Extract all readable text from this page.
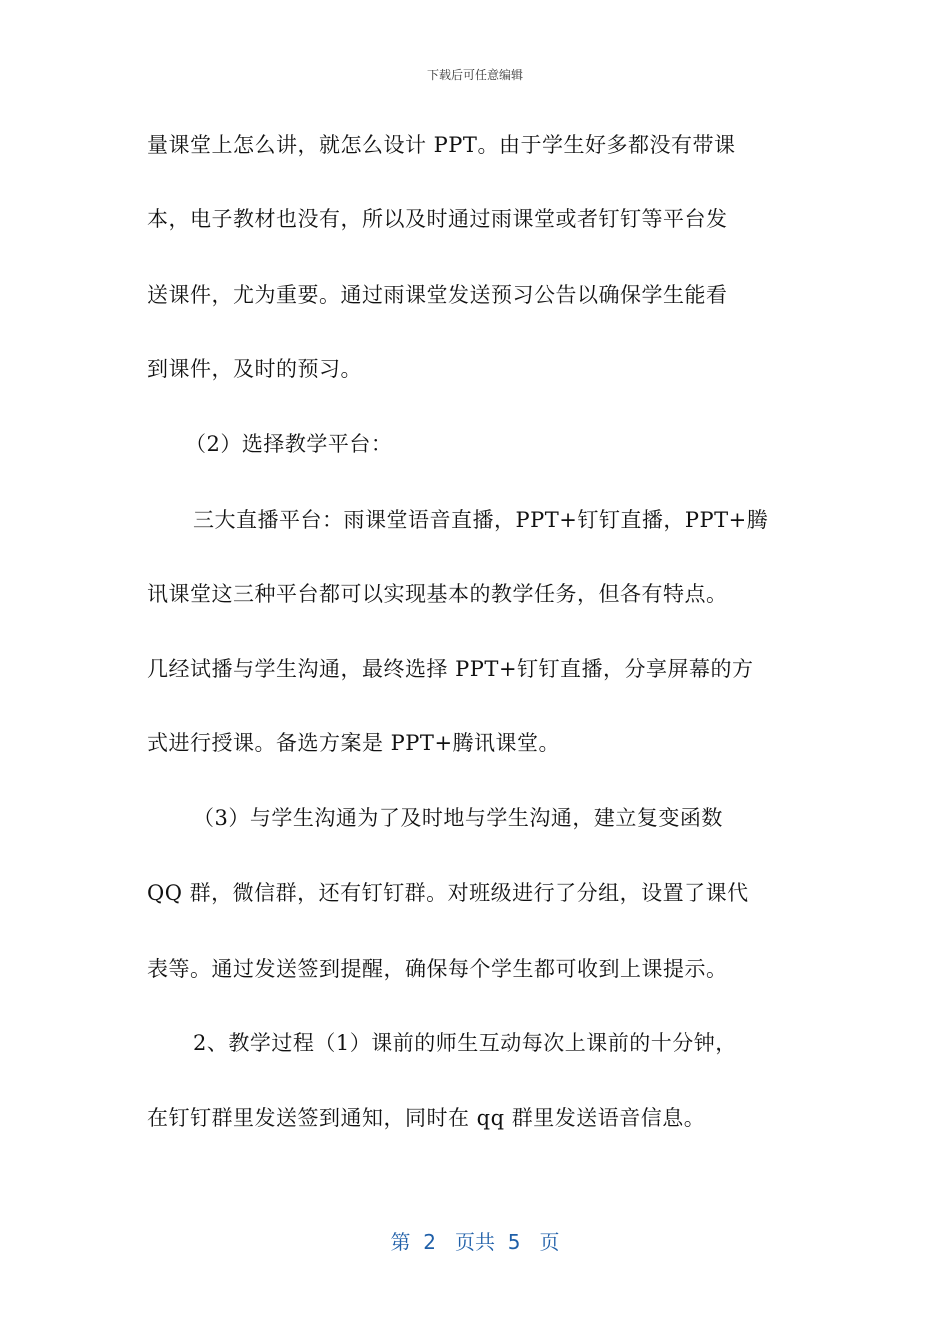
下载后可任意编辑
量课堂上怎么讲，就怎么设计 PPT。由于学生好多都没有带课
本，电子教材也没有，所以及时通过雨课堂或者钉钉等平台发
送课件，尤为重要。通过雨课堂发送预习公告以确保学生能看
到课件，及时的预习。
（2）选择教学平台：
三大直播平台：雨课堂语音直播，PPT+钉钉直播，PPT+腾
讯课堂这三种平台都可以实现基本的教学任务，但各有特点。
几经试播与学生沟通，最终选择 PPT+钉钉直播，分享屏幕的方
式进行授课。备选方案是 PPT+腾讯课堂。
（3）与学生沟通为了及时地与学生沟通，建立复变函数
QQ 群，微信群，还有钉钉群。对班级进行了分组，设置了课代
表等。通过发送签到提醒，确保每个学生都可收到上课提示。
2、教学过程（1）课前的师生互动每次上课前的十分钟，
在钉钉群里发送签到通知，同时在 qq 群里发送语音信息。
第  2   页共  5   页
